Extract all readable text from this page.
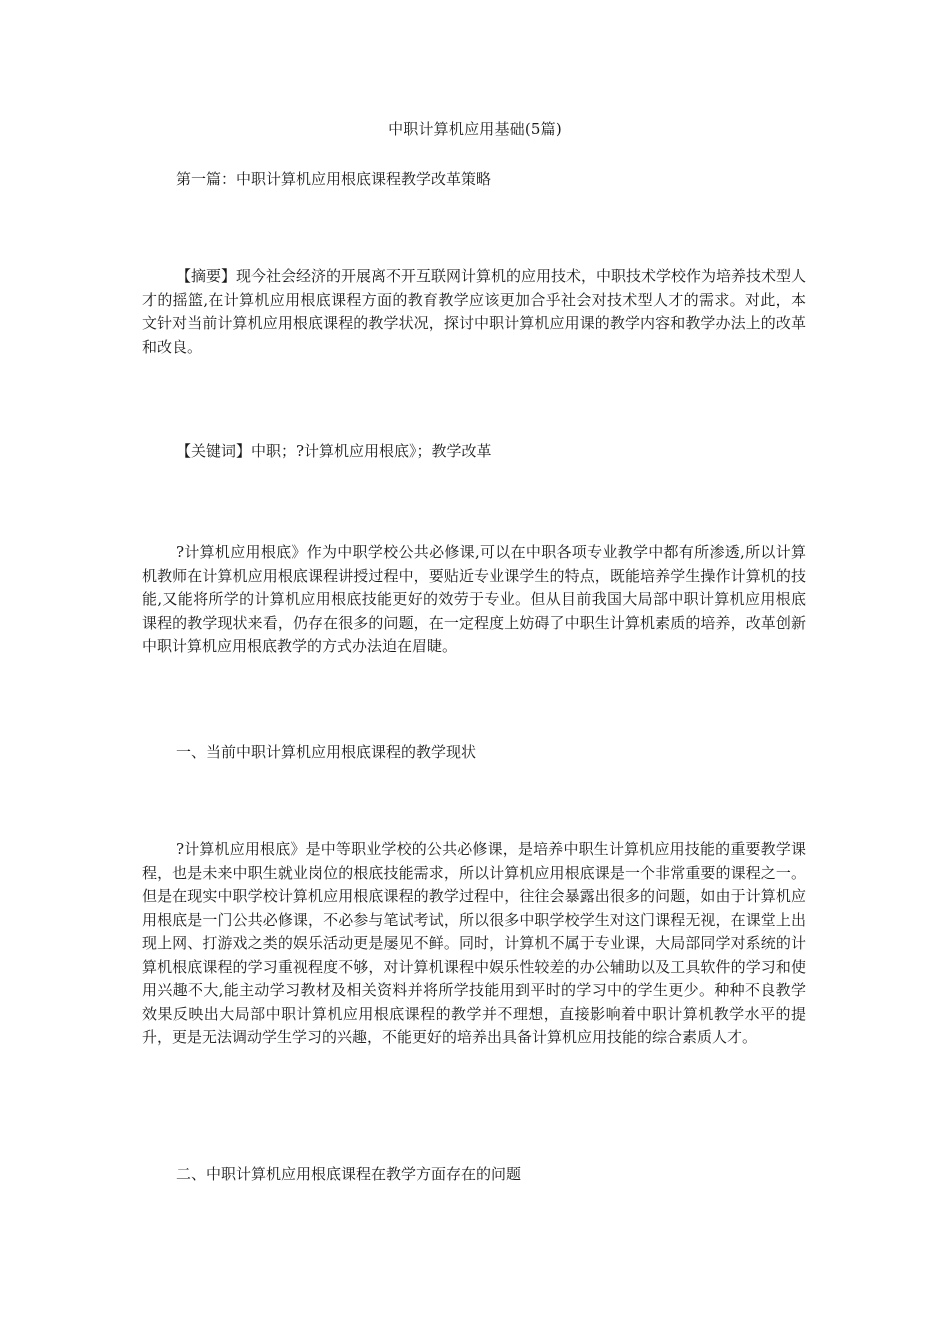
中职计算机应用基础(5篇)
第一篇：中职计算机应用根底课程教学改革策略
【摘要】现今社会经济的开展离不开互联网计算机的应用技术，中职技术学校作为培养技术型人才的摇篮,在计算机应用根底课程方面的教育教学应该更加合乎社会对技术型人才的需求。对此，本文针对当前计算机应用根底课程的教学状况，探讨中职计算机应用课的教学内容和教学办法上的改革和改良。
【关键词】中职；?计算机应用根底》；教学改革
?计算机应用根底》作为中职学校公共必修课,可以在中职各项专业教学中都有所渗透,所以计算机教师在计算机应用根底课程讲授过程中，要贴近专业课学生的特点，既能培养学生操作计算机的技能,又能将所学的计算机应用根底技能更好的效劳于专业。但从目前我国大局部中职计算机应用根底课程的教学现状来看，仍存在很多的问题，在一定程度上妨碍了中职生计算机素质的培养，改革创新中职计算机应用根底教学的方式办法迫在眉睫。
一、当前中职计算机应用根底课程的教学现状
?计算机应用根底》是中等职业学校的公共必修课，是培养中职生计算机应用技能的重要教学课程，也是未来中职生就业岗位的根底技能需求，所以计算机应用根底课是一个非常重要的课程之一。但是在现实中职学校计算机应用根底课程的教学过程中，往往会暴露出很多的问题，如由于计算机应用根底是一门公共必修课，不必参与笔试考试，所以很多中职学校学生对这门课程无视，在课堂上出现上网、打游戏之类的娱乐活动更是屡见不鲜。同时，计算机不属于专业课，大局部同学对系统的计算机根底课程的学习重视程度不够，对计算机课程中娱乐性较差的办公辅助以及工具软件的学习和使用兴趣不大,能主动学习教材及相关资料并将所学技能用到平时的学习中的学生更少。种种不良教学效果反映出大局部中职计算机应用根底课程的教学并不理想，直接影响着中职计算机教学水平的提升，更是无法调动学生学习的兴趣，不能更好的培养出具备计算机应用技能的综合素质人才。
二、中职计算机应用根底课程在教学方面存在的问题
